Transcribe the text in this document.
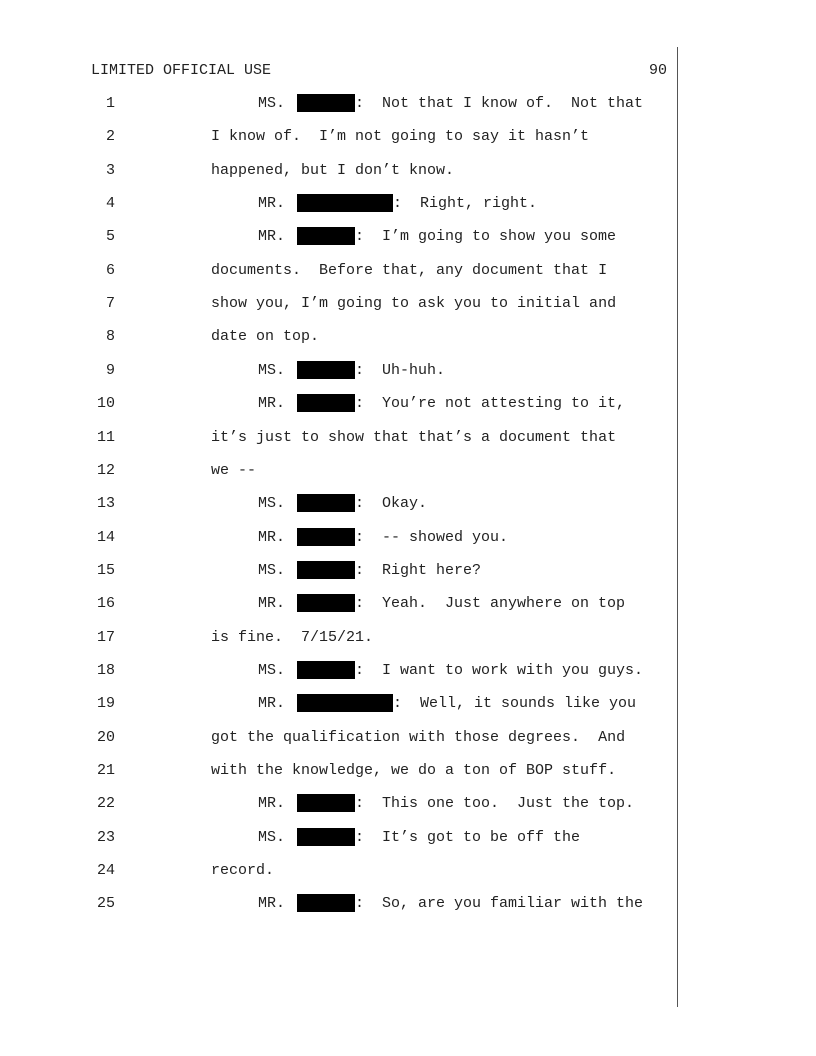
LIMITED OFFICIAL USE	90
1	MS.	:  Not that I know of.  Not that
2	I know of.  I’m not going to say it hasn’t
3	happened, but I don’t know.
4	MR.	:  Right, right.
5	MR.	:  I’m going to show you some
6	documents.  Before that, any document that I
7	show you, I’m going to ask you to initial and
8	date on top.
9	MS.	:  Uh-huh.
10	MR.	:  You’re not attesting to it,
11	it’s just to show that that’s a document that
12	we --
13	MS.	:  Okay.
14	MR.	:  -- showed you.
15	MS.	:  Right here?
16	MR.	:  Yeah.  Just anywhere on top
17	is fine.  7/15/21.
18	MS.	:  I want to work with you guys.
19	MR.	:  Well, it sounds like you
20	got the qualification with those degrees.  And
21	with the knowledge, we do a ton of BOP stuff.
22	MR.	:  This one too.  Just the top.
23	MS.	:  It’s got to be off the
24	record.
25	MR.	:  So, are you familiar with the
